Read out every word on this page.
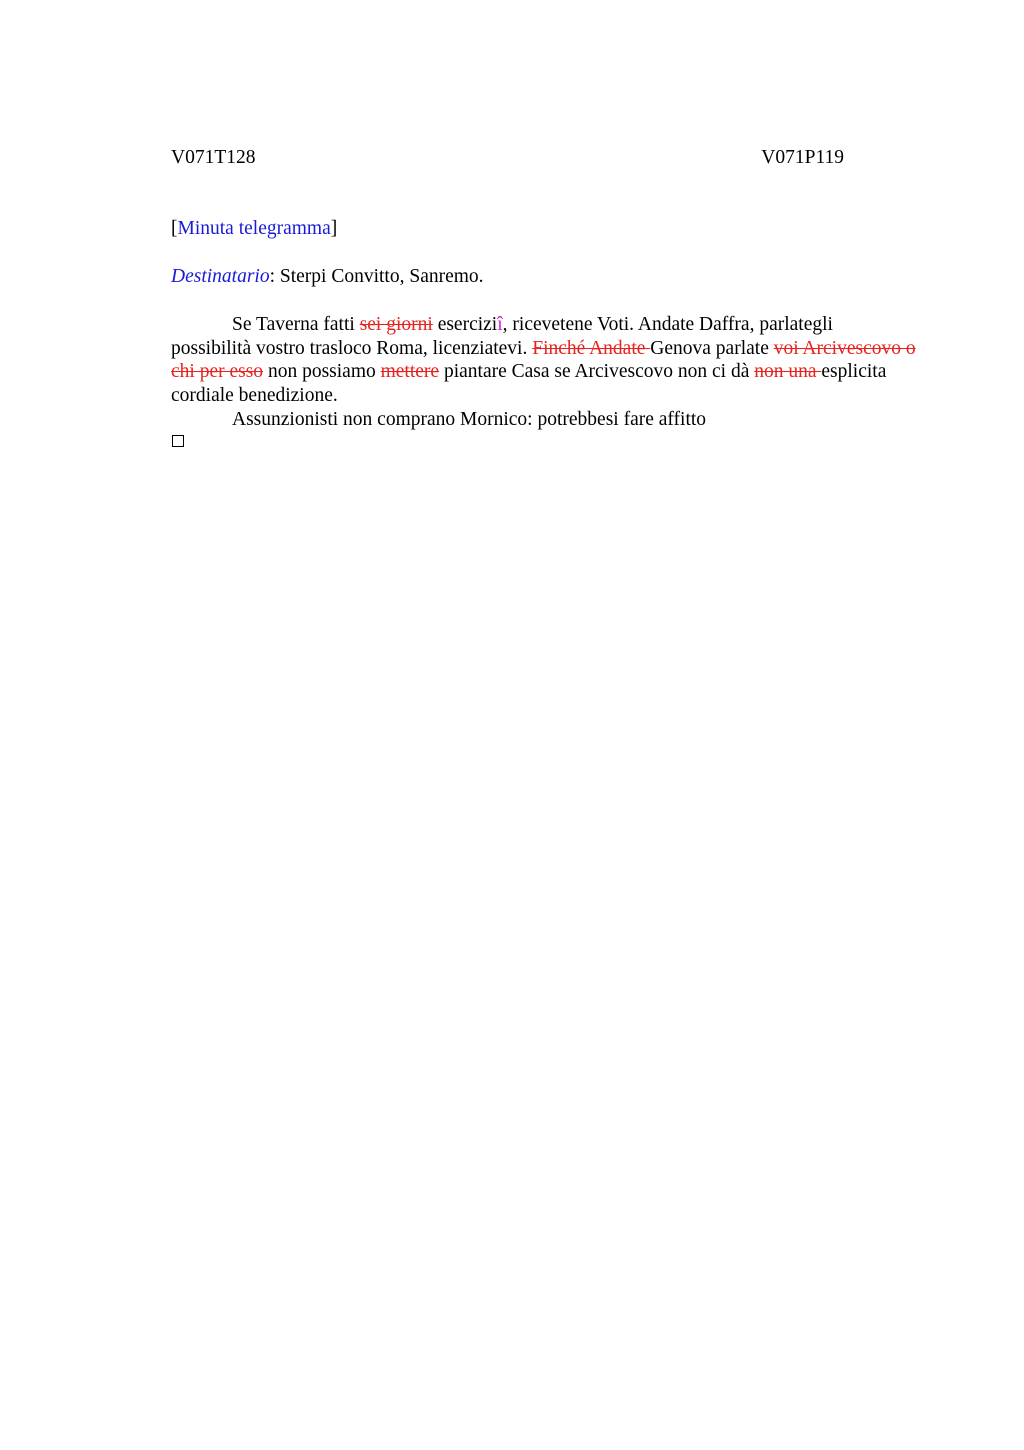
V071T128	V071P119
[Minuta telegramma]
Destinatario: Sterpi Convitto, Sanremo.

Se Taverna fatti sei giorni eserciziî, ricevetene Voti. Andate Daffra, parlategli possibilità vostro trasloco Roma, licenziatevi. Finché Andate Genova parlate voi Arcivescovo o chi per esso non possiamo mettere piantare Casa se Arcivescovo non ci dà non una esplicita cordiale benedizione.

Assunzionisti non comprano Mornico: potrebbesi fare affitto
